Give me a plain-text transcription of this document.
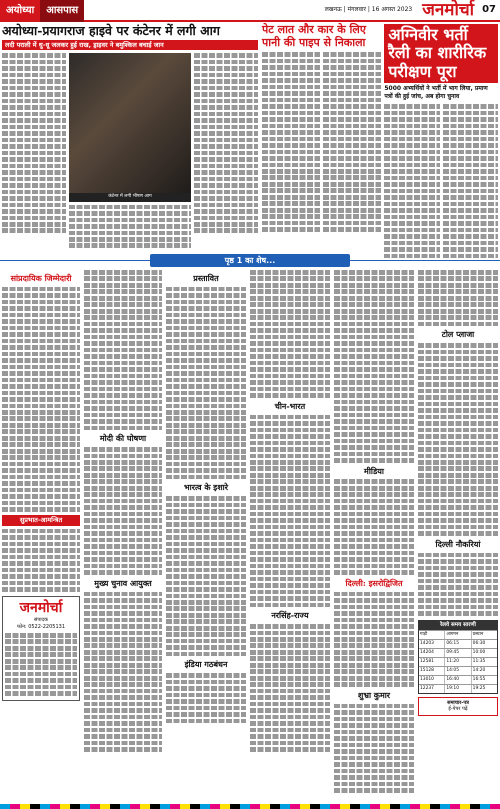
अयोध्या	आसपास	लखनऊ | मंगलवार | 16 अगस्त 2023 जनमोर्चा 07
अयोध्या-प्रयागराज हाइवे पर कंटेनर में लगी आग
लदी पराली में धु-धू जलकर हुई राख, ड्राइवर ने बमुश्किल बचाई जान
कंटेनर में लगी भीषण आग
पेट लात और कार के लिए पानी की पाइप से निकाला	अग्निवीर भर्ती रैली का शारीरिक परीक्षण पूरा
5000 अभ्यर्थियों ने भर्ती में भाग लिया, प्रमाण पत्रों की हुई जांच, अब होगा चुनाव
पृष्ठ 1 का शेष...
सांप्रदायिक जिम्मेदारी
सुप्रभात-आमन्त्रित
जनमोर्चा
संपादक
फोन: 0522-2205131
मोदी की घोषणा
मुख्य चुनाव आयुक्त
प्रस्तावित
भारत्व के इशारे
इंडिया गठबंधन
चीन-भारत
नरसिंह-राज्य
मीडिया
दिल्ली: इसरोद्विजित
शुभ्रा कुमार
टोल प्लाजा
दिल्ली नौकरियां
रेलवे समय सारणी
गाड़ी	आगमन	प्रस्थान
14203	06:15	06:30
14204	09:45	10:00
12581	11:20	11:35
15128	14:05	14:20
13010	16:40	16:55
12237	19:10	19:25
समाचार-पत्र
ई-पेपर पढ़ें
